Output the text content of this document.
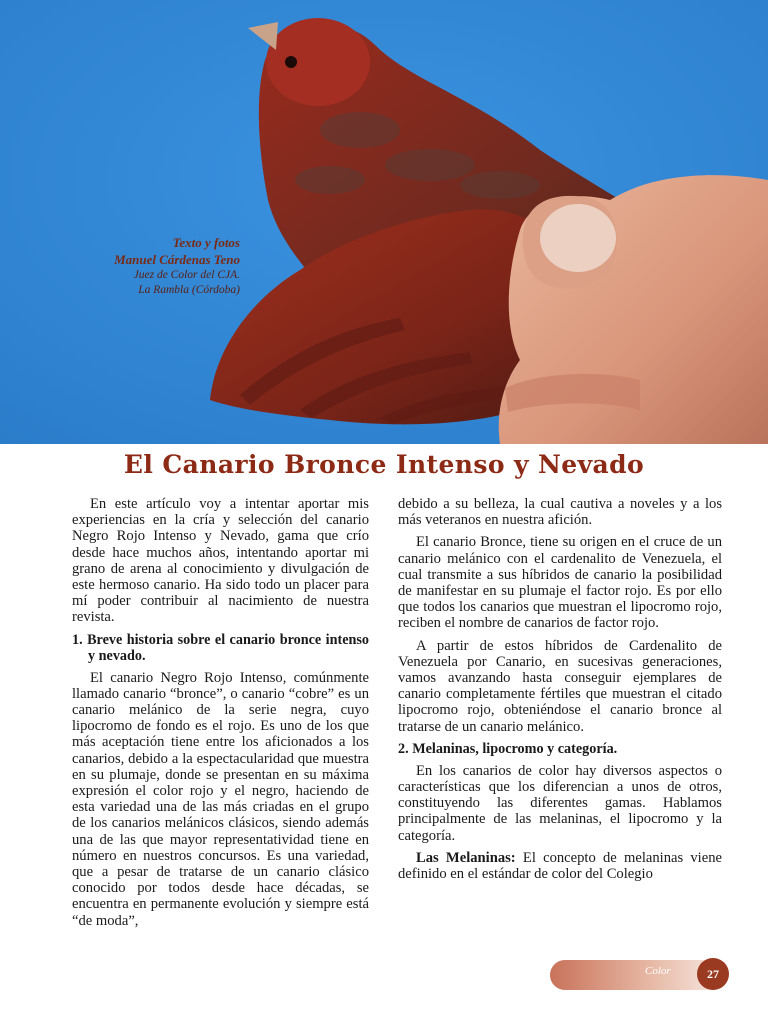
Texto y fotos
Manuel Cárdenas Teno
Juez de Color del CJA.
La Rambla (Córdoba)
El Canario Bronce Intenso y Nevado

En este artículo voy a intentar aportar mis experiencias en la cría y selección del canario Negro Rojo Intenso y Nevado, gama que crío desde hace muchos años, intentando aportar mi grano de arena al conocimiento y divulgación de este hermoso canario. Ha sido todo un placer para mí poder contribuir al nacimiento de nuestra revista.

1. Breve historia sobre el canario bronce intenso y nevado.

El canario Negro Rojo Intenso, comúnmente llamado canario “bronce”, o canario “cobre” es un canario melánico de la serie negra, cuyo lipocromo de fondo es el rojo. Es uno de los que más aceptación tiene entre los aficionados a los canarios, debido a la espectacularidad que muestra en su plumaje, donde se presentan en su máxima expresión el color rojo y el negro, haciendo de esta variedad una de las más criadas en el grupo de los canarios melánicos clásicos, siendo además una de las que mayor representatividad tiene en número en nuestros concursos. Es una variedad, que a pesar de tratarse de un canario clásico conocido por todos desde hace décadas, se encuentra en permanente evolución y siempre está “de moda”,

debido a su belleza, la cual cautiva a noveles y a los más veteranos en nuestra afición.

El canario Bronce, tiene su origen en el cruce de un canario melánico con el cardenalito de Venezuela, el cual transmite a sus híbridos de canario la posibilidad de manifestar en su plumaje el factor rojo. Es por ello que todos los canarios que muestran el lipocromo rojo, reciben el nombre de canarios de factor rojo.

A partir de estos híbridos de Cardenalito de Venezuela por Canario, en sucesivas generaciones, vamos avanzando hasta conseguir ejemplares de canario completamente fértiles que muestran el citado lipocromo rojo, obteniéndose el canario bronce al tratarse de un canario melánico.

2. Melaninas, lipocromo y categoría.

En los canarios de color hay diversos aspectos o características que los diferencian a unos de otros, constituyendo las diferentes gamas. Hablamos principalmente de las melaninas, el lipocromo y la categoría.

Las Melaninas: El concepto de melaninas viene definido en el estándar de color del Colegio

Color	27
